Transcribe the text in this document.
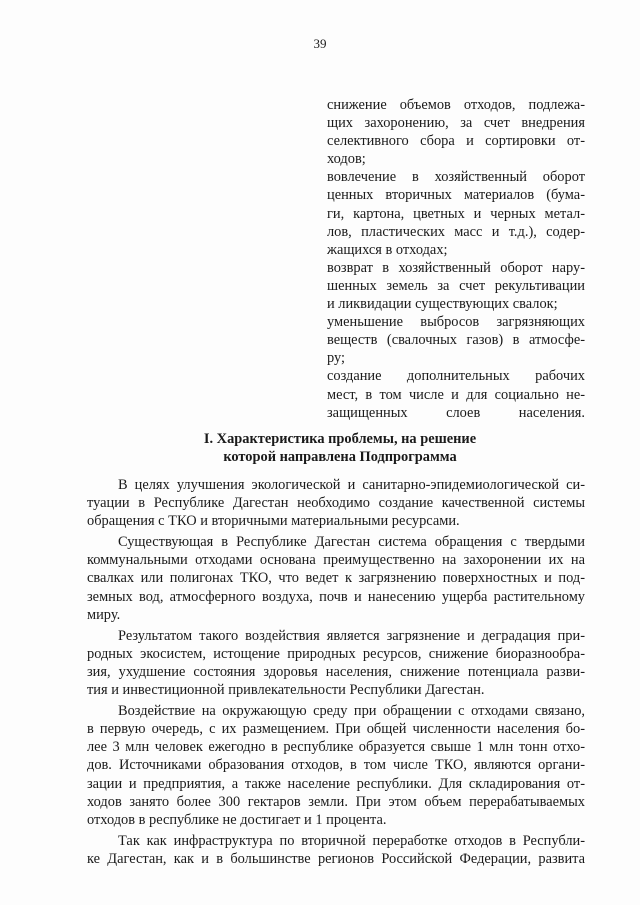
39
снижение объемов отходов, подлежа-
щих захоронению, за счет внедрения
селективного сбора и сортировки от-
ходов;
вовлечение в хозяйственный оборот
ценных вторичных материалов (бума-
ги, картона, цветных и черных метал-
лов, пластических масс и т.д.), содер-
жащихся в отходах;
возврат в хозяйственный оборот нару-
шенных земель за счет рекультивации
и ликвидации существующих свалок;
уменьшение выбросов загрязняющих
веществ (свалочных газов) в атмосфе-
ру;
создание дополнительных рабочих
мест, в том числе и для социально не-
защищенных слоев населения.
I. Характеристика проблемы, на решение
которой направлена Подпрограмма
В целях улучшения экологической и санитарно-эпидемиологической си-
туации в Республике Дагестан необходимо создание качественной системы
обращения с ТКО и вторичными материальными ресурсами.
Существующая в Республике Дагестан система обращения с твердыми
коммунальными отходами основана преимущественно на захоронении их на
свалках или полигонах ТКО, что ведет к загрязнению поверхностных и под-
земных вод, атмосферного воздуха, почв и нанесению ущерба растительному
миру.
Результатом такого воздействия является загрязнение и деградация при-
родных экосистем, истощение природных ресурсов, снижение биоразнообра-
зия, ухудшение состояния здоровья населения, снижение потенциала разви-
тия и инвестиционной привлекательности Республики Дагестан.
Воздействие на окружающую среду при обращении с отходами связано,
в первую очередь, с их размещением. При общей численности населения бо-
лее 3 млн человек ежегодно в республике образуется свыше 1 млн тонн отхо-
дов. Источниками образования отходов, в том числе ТКО, являются органи-
зации и предприятия, а также население республики. Для складирования от-
ходов занято более 300 гектаров земли. При этом объем перерабатываемых
отходов в республике не достигает и 1 процента.
Так как инфраструктура по вторичной переработке отходов в Республи-
ке Дагестан, как и в большинстве регионов Российской Федерации, развита
